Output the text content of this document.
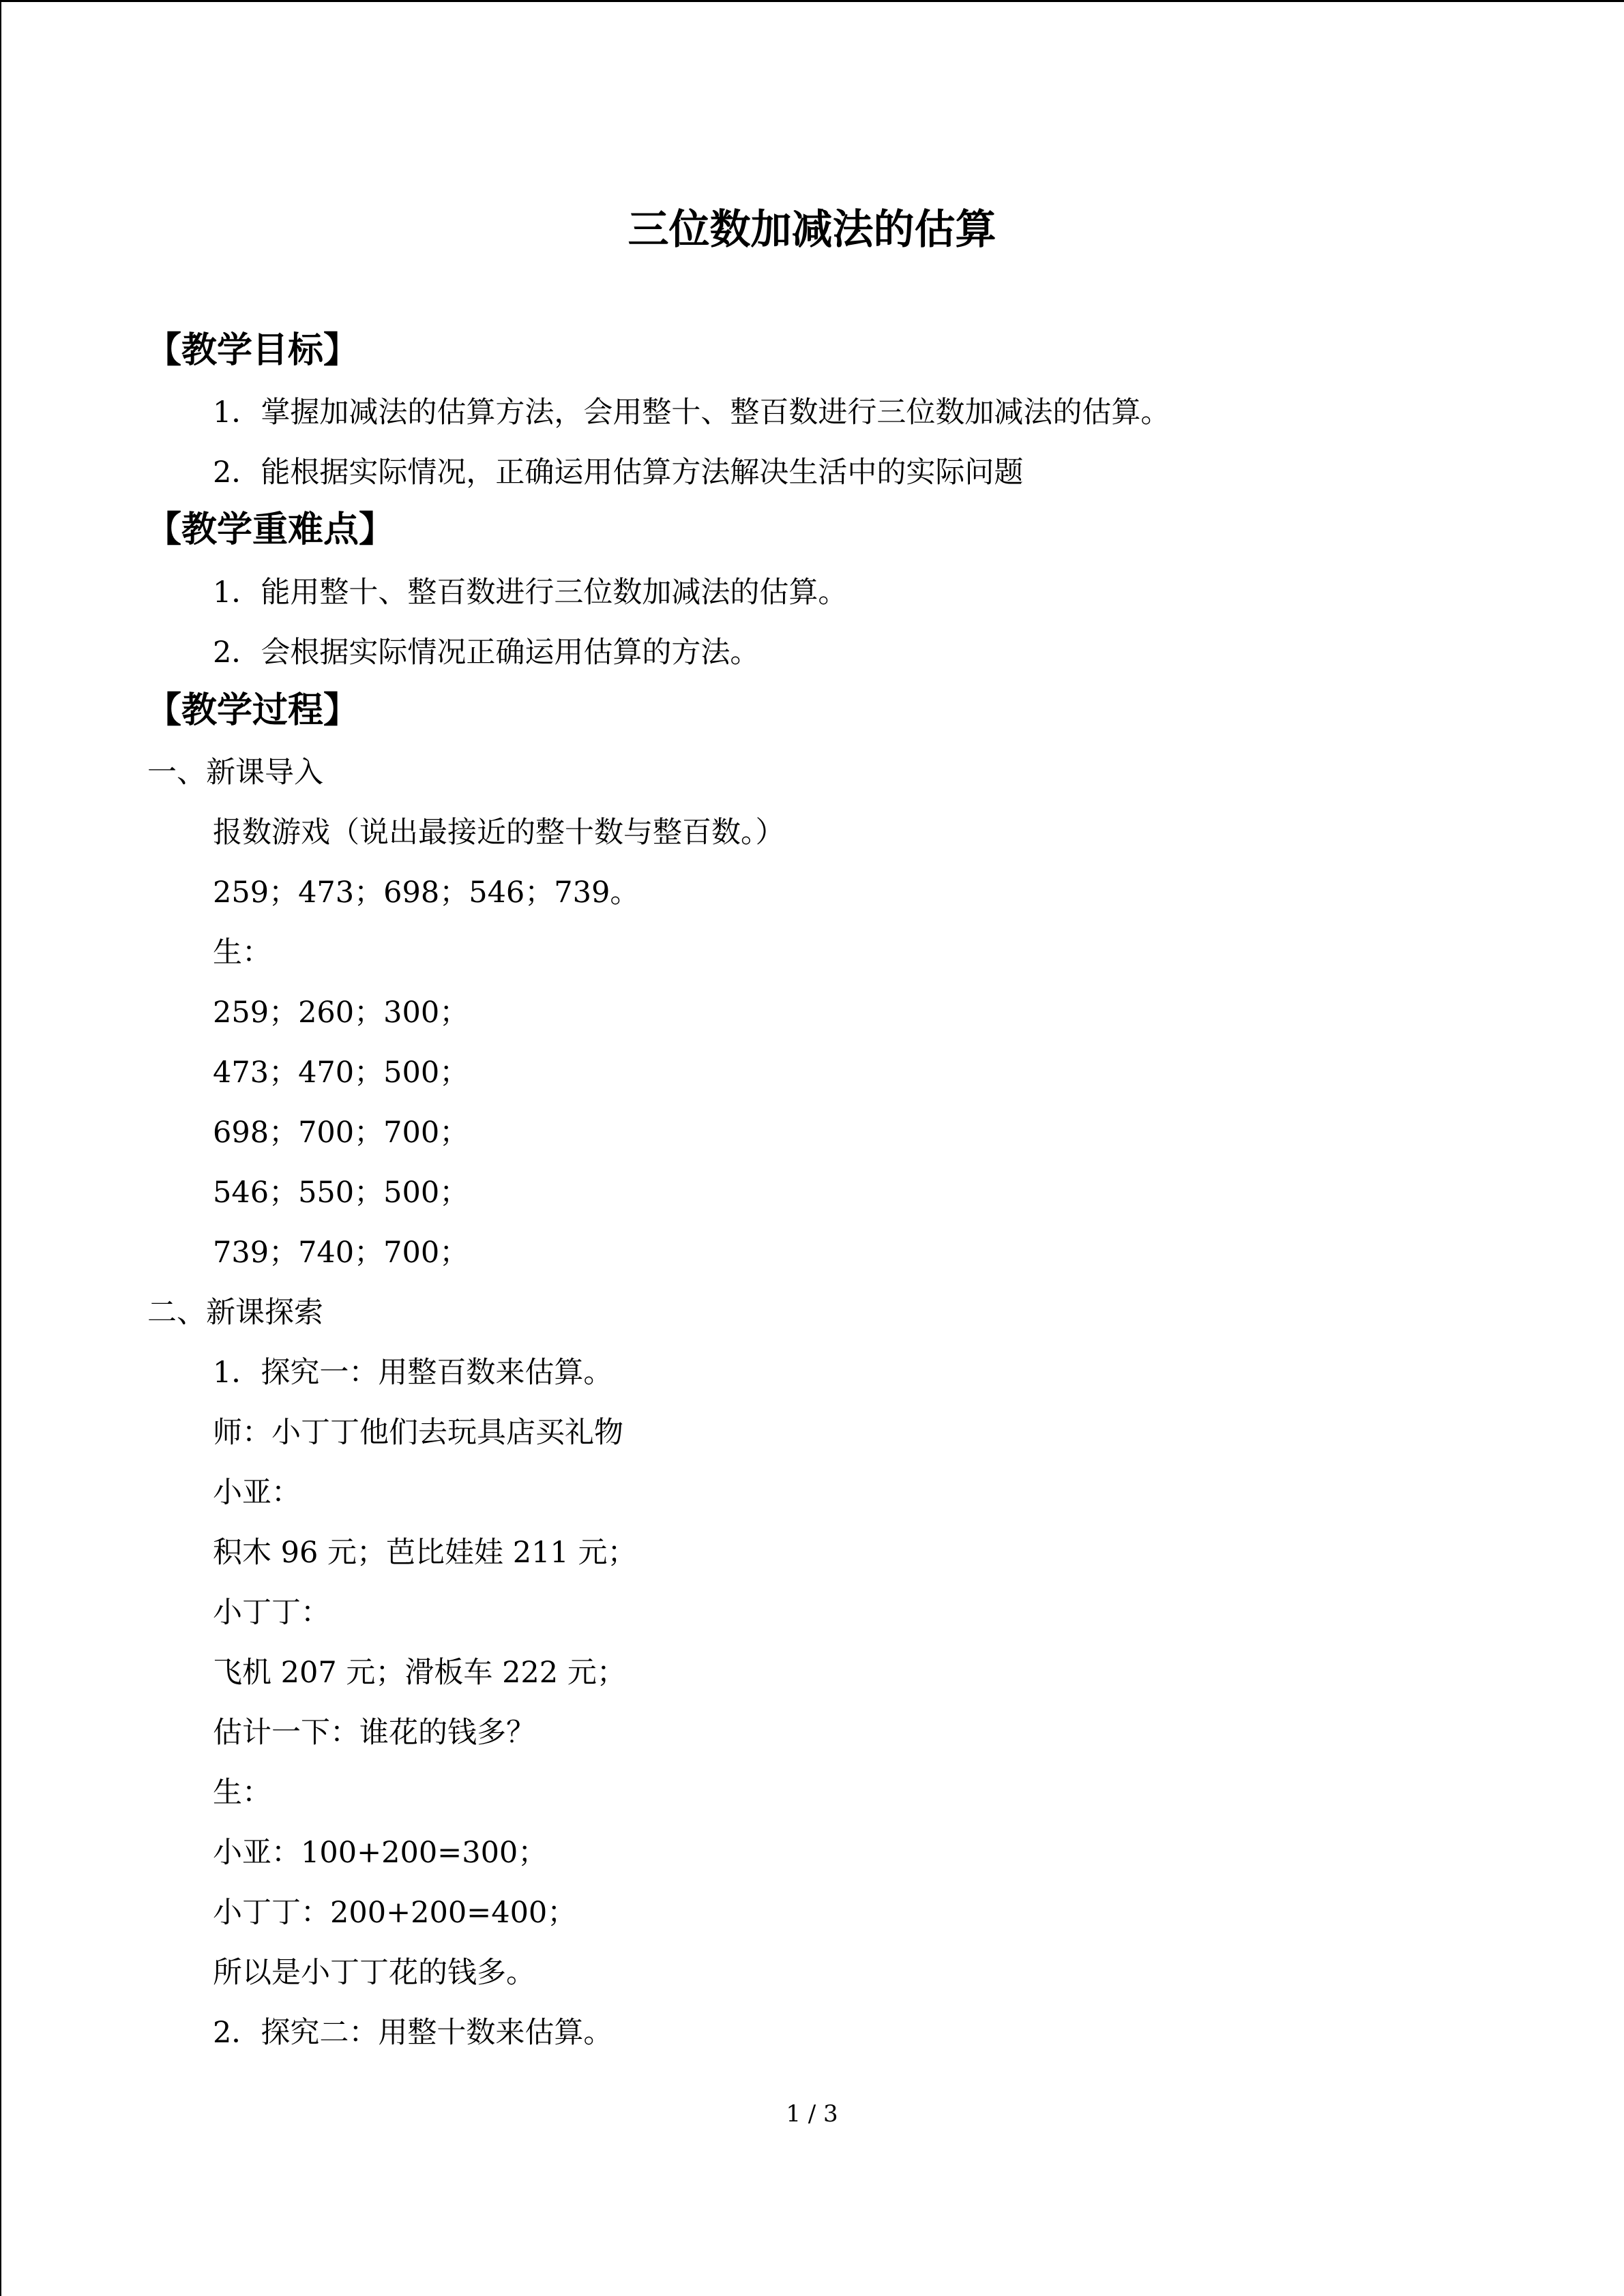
三位数加减法的估算
【教学目标】
1．掌握加减法的估算方法，会用整十、整百数进行三位数加减法的估算。
2．能根据实际情况，正确运用估算方法解决生活中的实际问题
【教学重难点】
1．能用整十、整百数进行三位数加减法的估算。
2．会根据实际情况正确运用估算的方法。
【教学过程】
一、新课导入
报数游戏（说出最接近的整十数与整百数。）
259；473；698；546；739。
生：
259；260；300；
473；470；500；
698；700；700；
546；550；500；
739；740；700；
二、新课探索
1．探究一：用整百数来估算。
师：小丁丁他们去玩具店买礼物
小亚：
积木 96 元；芭比娃娃 211 元；
小丁丁：
飞机 207 元；滑板车 222 元；
估计一下：谁花的钱多？
生：
小亚：100+200=300；
小丁丁：200+200=400；
所以是小丁丁花的钱多。
2．探究二：用整十数来估算。
1 / 3
